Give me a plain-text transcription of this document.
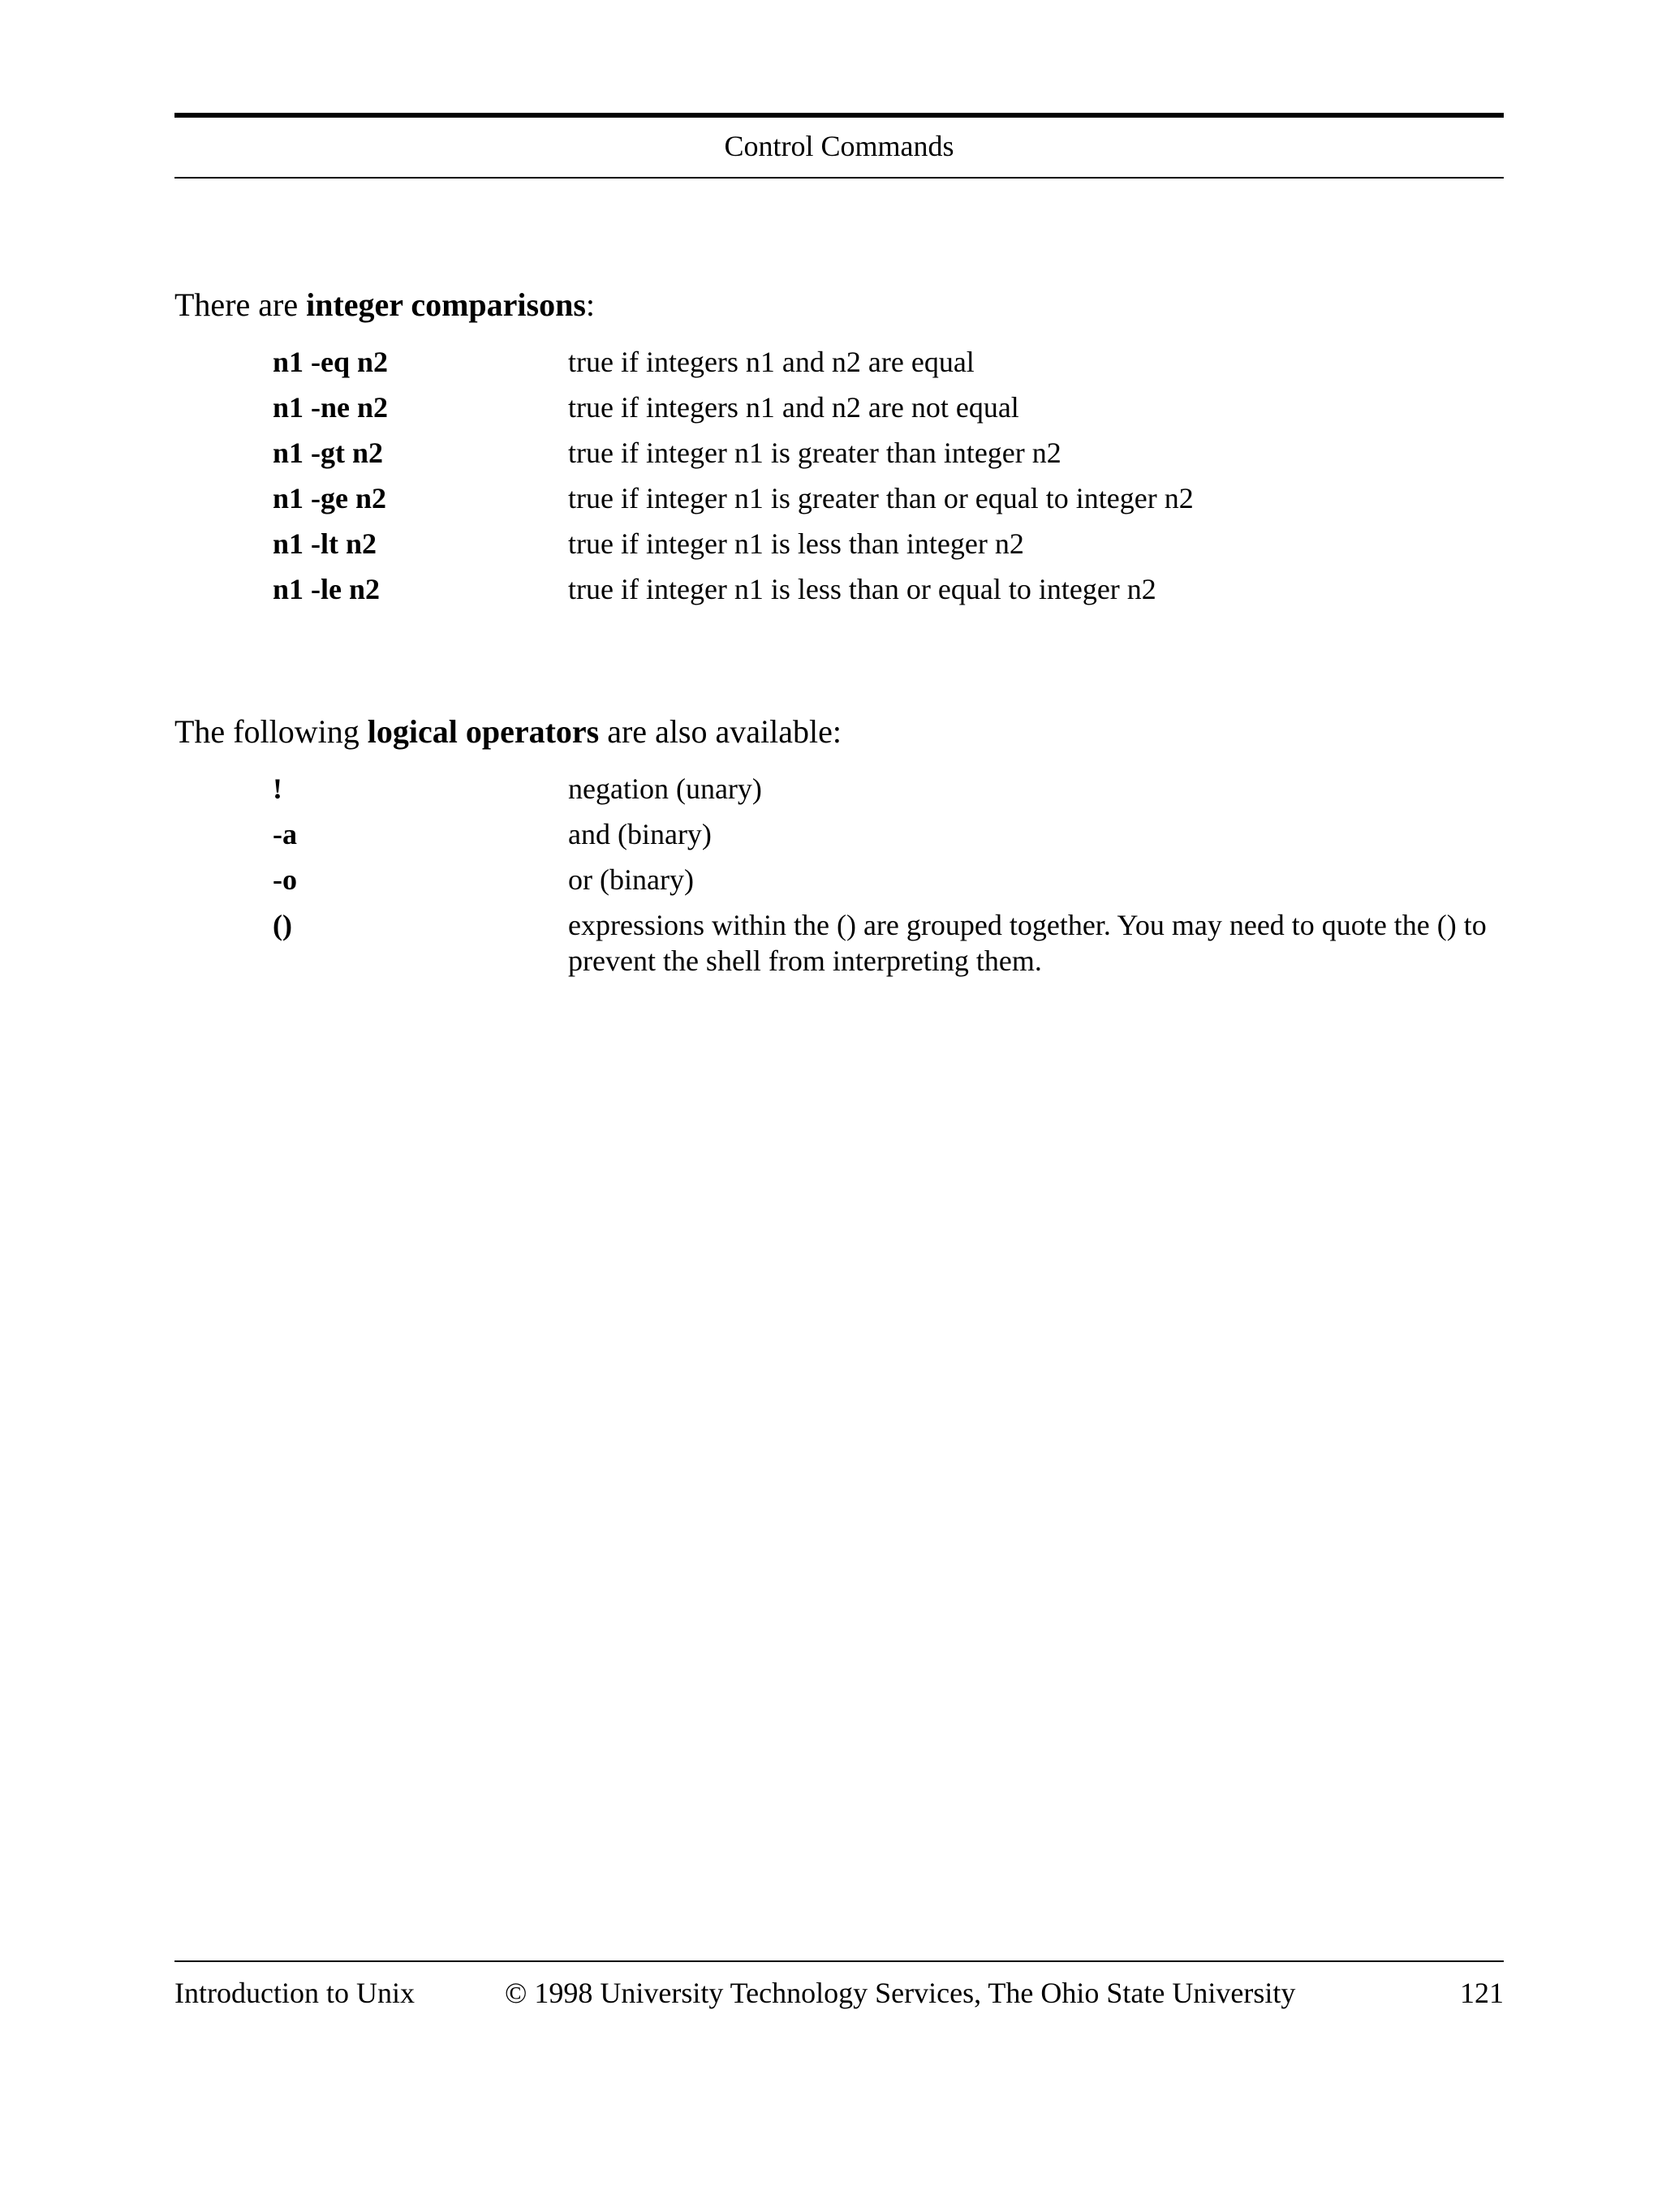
Control Commands
There are integer comparisons:
n1 -eq n2	true if integers n1 and n2 are equal
n1 -ne n2	true if integers n1 and n2 are not equal
n1 -gt n2	true if integer n1 is greater than integer n2
n1 -ge n2	true if integer n1 is greater than or equal to integer n2
n1 -lt n2	true if integer n1 is less than integer n2
n1 -le n2	true if integer n1 is less than or equal to integer n2
The following logical operators are also available:
!	negation (unary)
-a	and (binary)
-o	or (binary)
()	expressions within the () are grouped together. You may need to quote the () to prevent the shell from interpreting them.
Introduction to Unix	© 1998 University Technology Services, The Ohio State University	121
